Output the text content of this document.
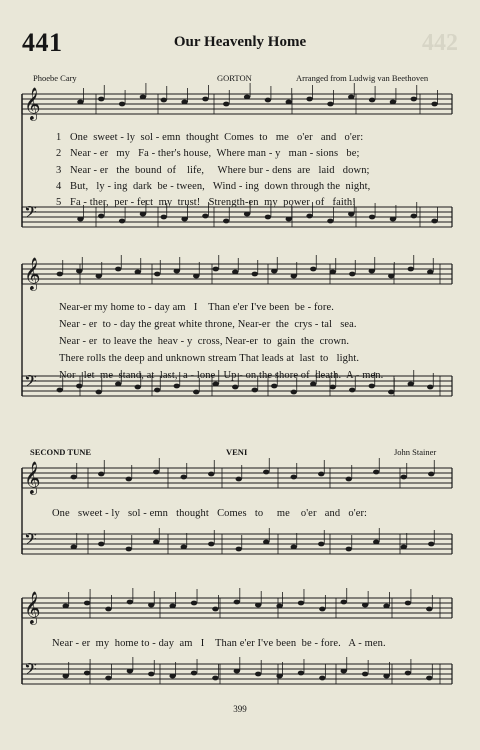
441	Our Heavenly Home	442
Phoebe Cary	GORTON	Arranged from Ludwig van Beethoven
𝄞
𝄢
𝄞
𝄢
𝄞
𝄢
𝄞
𝄢
1 One  sweet - ly  sol - emn  thought  Comes  to   me   o'er   and   o'er:
2 Near - er   my   Fa - ther's house,  Where man - y   man - sions   be;
3 Near - er   the  bound  of    life,     Where bur - dens  are   laid   down;
4 But,   ly - ing  dark  be - tween,   Wind - ing  down through the  night,
5 Fa - ther,  per - fect  my  trust!   Strength-en  my  power  of   faith!
Near-er my home to - day am   I    Than e'er I've been  be - fore.
Near - er  to - day the great white throne, Near-er  the  crys - tal   sea.
Near - er  to leave the  heav - y  cross, Near-er  to  gain  the  crown.
There rolls the deep and unknown stream That leads at  last  to   light.
Nor   let  me  stand, at  last,  a - lone   Up - on the shore of  death.  A - men.
SECOND TUNE	VENI	John Stainer
One   sweet - ly   sol - emn   thought   Comes   to     me    o'er   and   o'er:
Near - er  my  home to - day  am   I    Than e'er I've been  be - fore.   A - men.
399
